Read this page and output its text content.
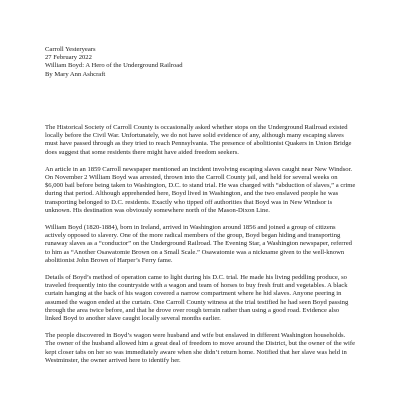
Carroll Yesteryears
27 February 2022
William Boyd: A Hero of the Underground Railroad
By Mary Ann Ashcraft

The Historical Society of Carroll County is occasionally asked whether stops on the Underground Railroad existed locally before the Civil War. Unfortunately, we do not have solid evidence of any, although many escaping slaves must have passed through as they tried to reach Pennsylvania. The presence of abolitionist Quakers in Union Bridge does suggest that some residents there might have aided freedom seekers.

An article in an 1859 Carroll newspaper mentioned an incident involving escaping slaves caught near New Windsor. On November 2 William Boyd was arrested, thrown into the Carroll County jail, and held for several weeks on $6,000 bail before being taken to Washington, D.C. to stand trial. He was charged with “abduction of slaves,” a crime during that period. Although apprehended here, Boyd lived in Washington, and the two enslaved people he was transporting belonged to D.C. residents. Exactly who tipped off authorities that Boyd was in New Windsor is unknown. His destination was obviously somewhere north of the Mason-Dixon Line.

William Boyd (1820-1884), born in Ireland, arrived in Washington around 1856 and joined a group of citizens actively opposed to slavery. One of the more radical members of the group, Boyd began hiding and transporting runaway slaves as a “conductor” on the Underground Railroad. The Evening Star, a Washington newspaper, referred to him as “Another Osawatomie Brown on a Small Scale.” Osawatomie was a nickname given to the well-known abolitionist John Brown of Harper’s Ferry fame.

Details of Boyd’s method of operation came to light during his D.C. trial. He made his living peddling produce, so traveled frequently into the countryside with a wagon and team of horses to buy fresh fruit and vegetables. A black curtain hanging at the back of his wagon covered a narrow compartment where he hid slaves. Anyone peering in assumed the wagon ended at the curtain. One Carroll County witness at the trial testified he had seen Boyd passing through the area twice before, and that he drove over rough terrain rather than using a good road. Evidence also linked Boyd to another slave caught locally several months earlier.

The people discovered in Boyd’s wagon were husband and wife but enslaved in different Washington households. The owner of the husband allowed him a great deal of freedom to move around the District, but the owner of the wife kept closer tabs on her so was immediately aware when she didn’t return home. Notified that her slave was held in Westminster, the owner arrived here to identify her.
